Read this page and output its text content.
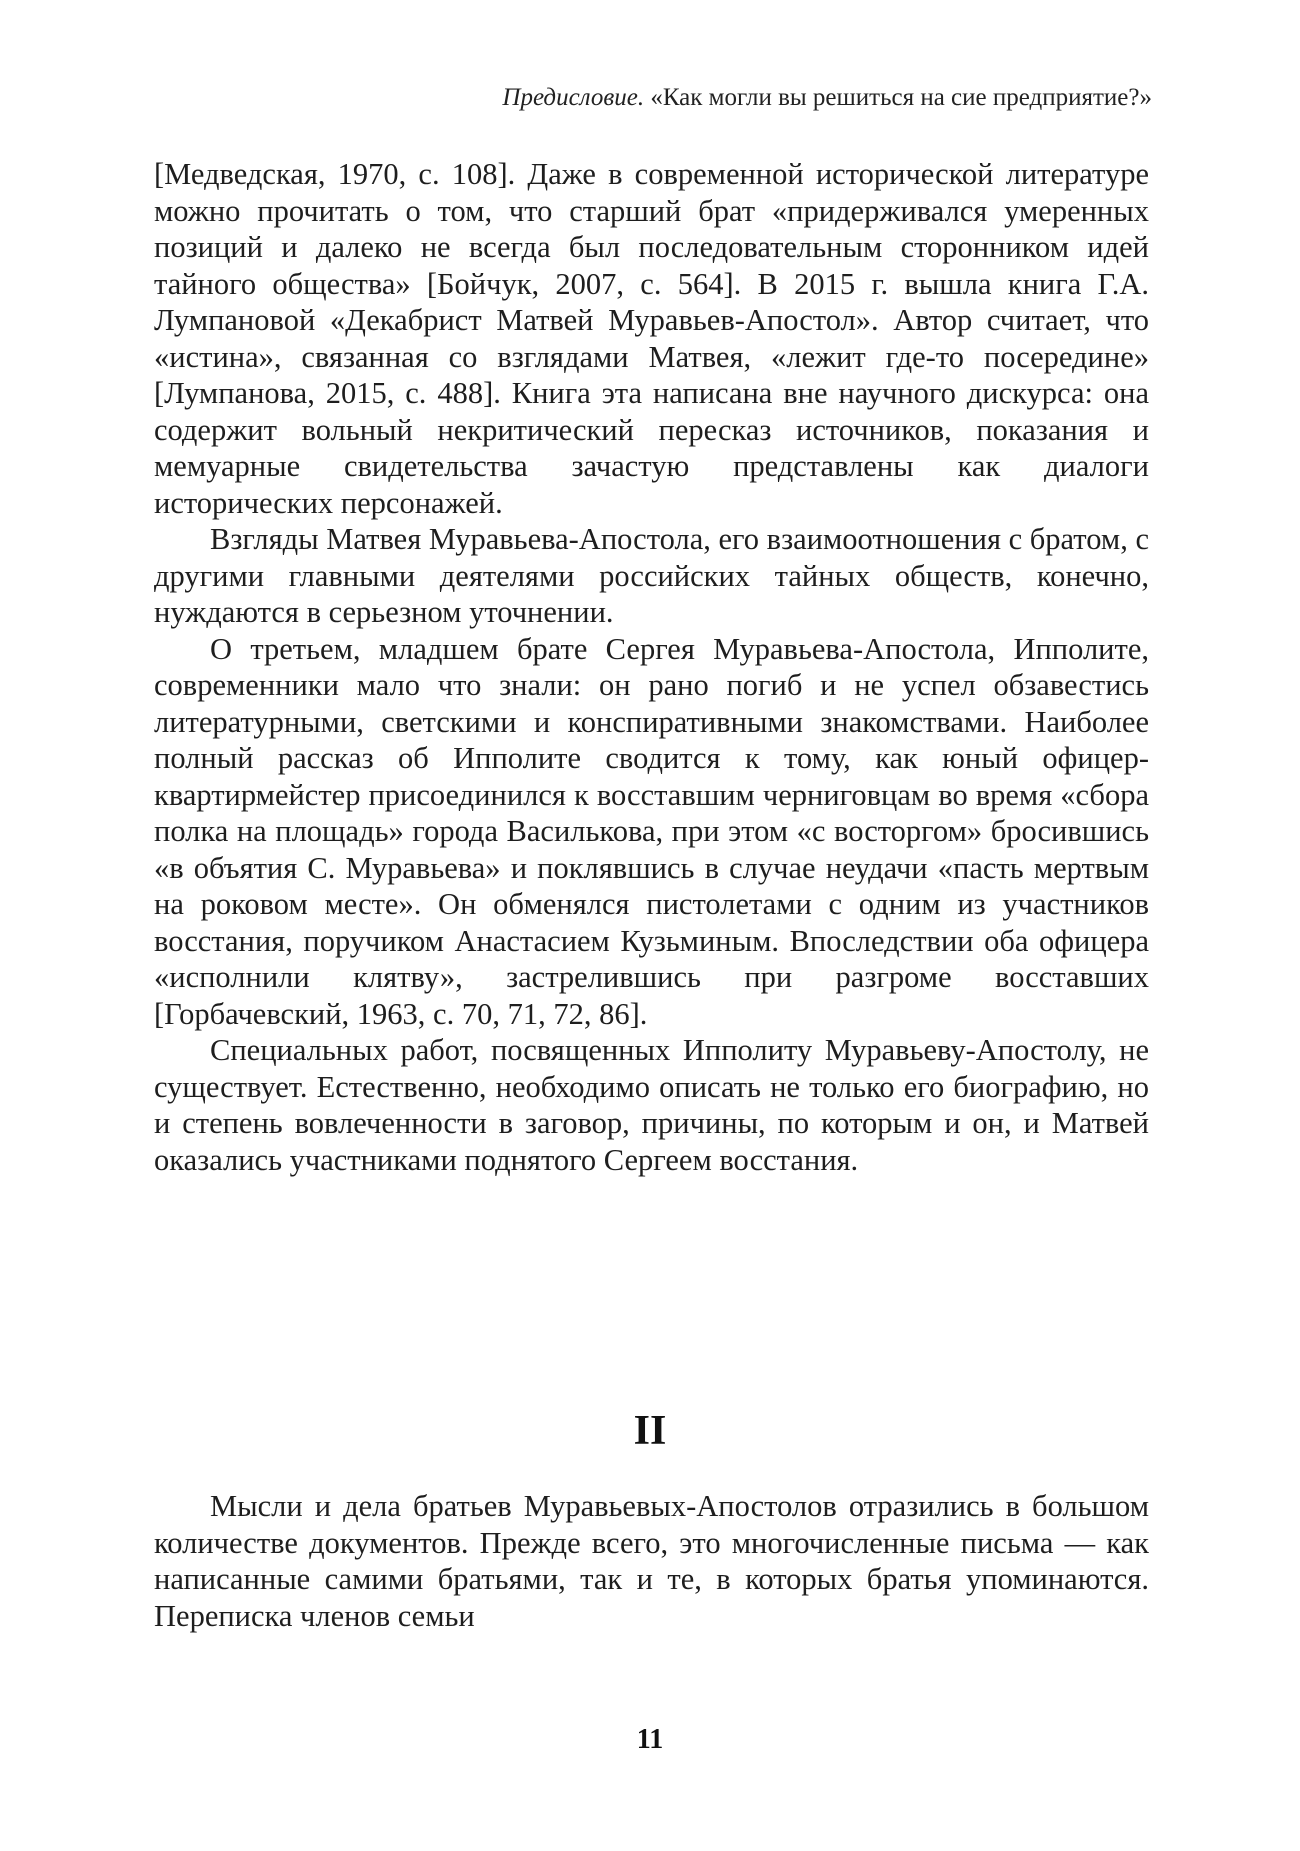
Предисловие. «Как могли вы решиться на сие предприятие?»

[Медведская, 1970, с. 108]. Даже в современной исторической литературе можно прочитать о том, что старший брат «придерживался умеренных позиций и далеко не всегда был последовательным сторонником идей тайного общества» [Бойчук, 2007, с. 564]. В 2015 г. вышла книга Г.А. Лумпановой «Декабрист Матвей Муравьев-Апостол». Автор считает, что «истина», связанная со взглядами Матвея, «лежит где-то посередине» [Лумпанова, 2015, с. 488]. Книга эта написана вне научного дискурса: она содержит вольный некритический пересказ источников, показания и мемуарные свидетельства зачастую представлены как диалоги исторических персонажей.

Взгляды Матвея Муравьева-Апостола, его взаимоотношения с братом, с другими главными деятелями российских тайных обществ, конечно, нуждаются в серьезном уточнении.

О третьем, младшем брате Сергея Муравьева-Апостола, Ипполите, современники мало что знали: он рано погиб и не успел обзавестись литературными, светскими и конспиративными знакомствами. Наиболее полный рассказ об Ипполите сводится к тому, как юный офицер-квартирмейстер присоединился к восставшим черниговцам во время «сбора полка на площадь» города Василькова, при этом «с восторгом» бросившись «в объятия С. Муравьева» и поклявшись в случае неудачи «пасть мертвым на роковом месте». Он обменялся пистолетами с одним из участников восстания, поручиком Анастасием Кузьминым. Впоследствии оба офицера «исполнили клятву», застрелившись при разгроме восставших [Горбачевский, 1963, с. 70, 71, 72, 86].

Специальных работ, посвященных Ипполиту Муравьеву-Апостолу, не существует. Естественно, необходимо описать не только его биографию, но и степень вовлеченности в заговор, причины, по которым и он, и Матвей оказались участниками поднятого Сергеем восстания.

II

Мысли и дела братьев Муравьевых-Апостолов отразились в большом количестве документов. Прежде всего, это многочисленные письма — как написанные самими братьями, так и те, в которых братья упоминаются. Переписка членов семьи

11
